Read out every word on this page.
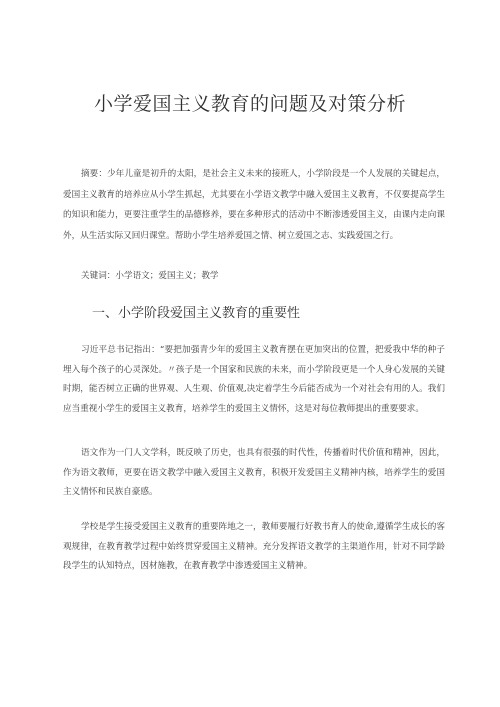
小学爱国主义教育的问题及对策分析

摘要：少年儿童是初升的太阳，是社会主义未来的接班人，小学阶段是一个人发展的关键起点，爱国主义教育的培养应从小学生抓起，尤其要在小学语文教学中融入爱国主义教育，不仅要提高学生的知识和能力，更要注重学生的品德修养，要在多种形式的活动中不断渗透爱国主义，由课内走向课外，从生活实际又回归课堂。帮助小学生培养爱国之情、树立爱国之志、实践爱国之行。

关键词：小学语文；爱国主义；教学

一、小学阶段爱国主义教育的重要性

习近平总书记指出：“要把加强青少年的爱国主义教育摆在更加突出的位置，把爱我中华的种子埋入每个孩子的心灵深处。〃孩子是一个国家和民族的未来，而小学阶段更是一个人身心发展的关键时期，能否树立正确的世界观、人生观、价值观,决定着学生今后能否成为一个对社会有用的人。我们应当重视小学生的爱国主义教育，培养学生的爱国主义情怀，这是对每位教师提出的重要要求。

语文作为一门人文学科，既反映了历史，也具有很强的时代性，传播着时代价值和精神，因此，作为语文教师，更要在语文教学中融入爱国主义教育，积极开发爱国主义精神内核，培养学生的爱国主义情怀和民族自豪感。

学校是学生接受爱国主义教育的重要阵地之一，教师要履行好教书育人的使命,遵循学生成长的客观规律，在教育教学过程中始终贯穿爱国主义精神。充分发挥语文教学的主渠道作用，针对不同学龄段学生的认知特点，因材施教，在教育教学中渗透爱国主义精神。
